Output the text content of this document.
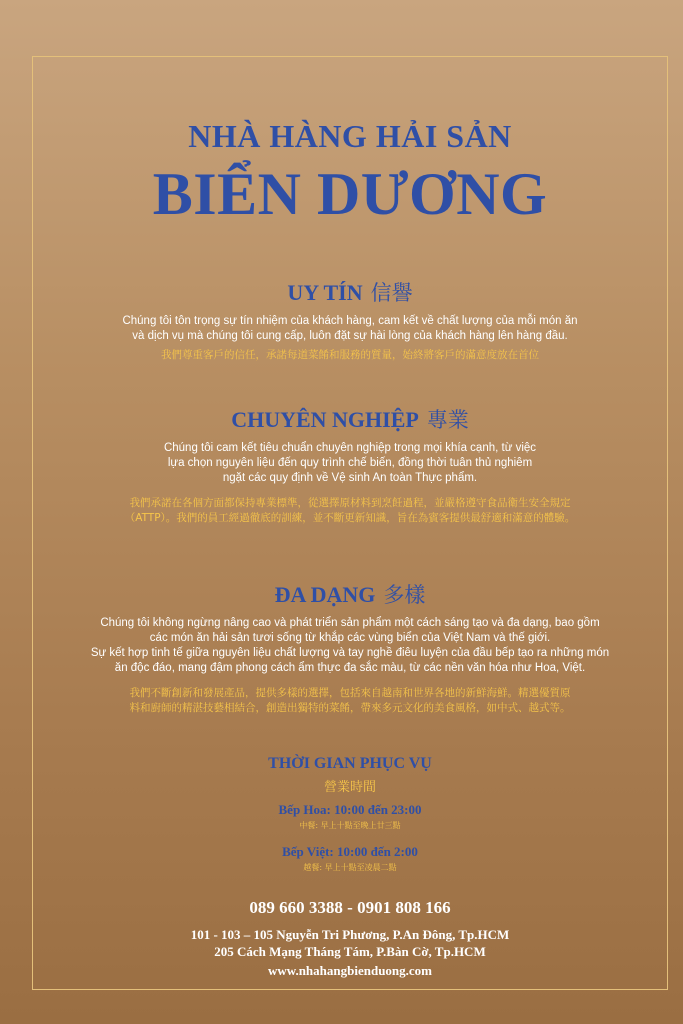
NHÀ HÀNG HẢI SẢN
BIỂN DƯƠNG
UY TÍN 信譽

Chúng tôi tôn trọng sự tín nhiệm của khách hàng, cam kết về chất lượng của mỗi món ăn

và dịch vụ mà chúng tôi cung cấp, luôn đặt sự hài lòng của khách hàng lên hàng đầu.

我們尊重客戶的信任，承諾每道菜餚和服務的質量，始終將客戶的滿意度放在首位

CHUYÊN NGHIỆP 專業

Chúng tôi cam kết tiêu chuẩn chuyên nghiệp trong mọi khía cạnh, từ việc

lựa chọn nguyên liệu đến quy trình chế biến, đồng thời tuân thủ nghiêm

ngặt các quy định về Vệ sinh An toàn Thực phẩm.

我們承諾在各個方面都保持專業標準，從選擇原材料到烹飪過程，並嚴格遵守食品衛生安全規定

（ATTP）。我們的員工經過徹底的訓練，並不斷更新知識，旨在為賓客提供最舒適和滿意的體驗。

ĐA DẠNG 多樣

Chúng tôi không ngừng nâng cao và phát triển sản phẩm một cách sáng tạo và đa dạng, bao gồm

các món ăn hải sản tươi sống từ khắp các vùng biển của Việt Nam và thế giới.

Sự kết hợp tinh tế giữa nguyên liệu chất lượng và tay nghề điêu luyện của đầu bếp tạo ra những món

ăn độc đáo, mang đậm phong cách ẩm thực đa sắc màu, từ các nền văn hóa như Hoa, Việt.

我們不斷創新和發展產品，提供多樣的選擇，包括來自越南和世界各地的新鮮海鮮。精選優質原

料和廚師的精湛技藝相結合，創造出獨特的菜餚，帶來多元文化的美食風格，如中式、越式等。

THỜI GIAN PHỤC VỤ

營業時間

Bếp Hoa: 10:00 đến 23:00

中餐: 早上十點至晚上廿三點

Bếp Việt: 10:00 đến 2:00

越餐: 早上十點至凌晨二點

089 660 3388 - 0901 808 166

101 - 103 – 105 Nguyễn Tri Phương, P.An Đông, Tp.HCM

205 Cách Mạng Tháng Tám, P.Bàn Cờ, Tp.HCM

www.nhahangbienduong.com
